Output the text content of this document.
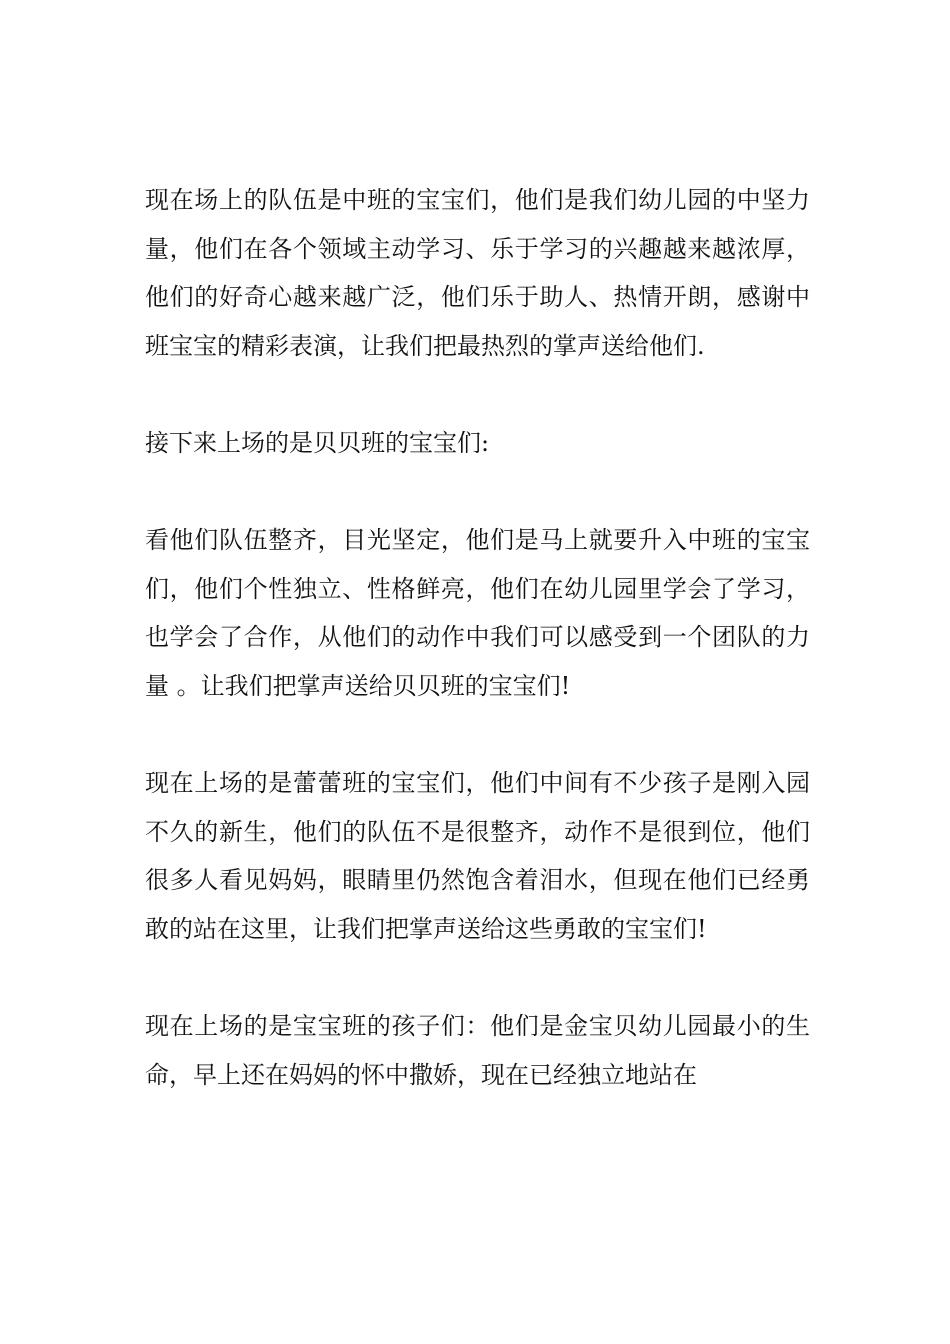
现在场上的队伍是中班的宝宝们，他们是我们幼儿园的中坚力量，他们在各个领域主动学习、乐于学习的兴趣越来越浓厚，他们的好奇心越来越广泛，他们乐于助人、热情开朗，感谢中班宝宝的精彩表演，让我们把最热烈的掌声送给他们.

接下来上场的是贝贝班的宝宝们:

看他们队伍整齐，目光坚定，他们是马上就要升入中班的宝宝们，他们个性独立、性格鲜亮，他们在幼儿园里学会了学习，也学会了合作，从他们的动作中我们可以感受到一个团队的力量 。让我们把掌声送给贝贝班的宝宝们!

现在上场的是蕾蕾班的宝宝们，他们中间有不少孩子是刚入园不久的新生，他们的队伍不是很整齐，动作不是很到位，他们很多人看见妈妈，眼睛里仍然饱含着泪水，但现在他们已经勇敢的站在这里，让我们把掌声送给这些勇敢的宝宝们!

现在上场的是宝宝班的孩子们：他们是金宝贝幼儿园最小的生命，早上还在妈妈的怀中撒娇，现在已经独立地站在
